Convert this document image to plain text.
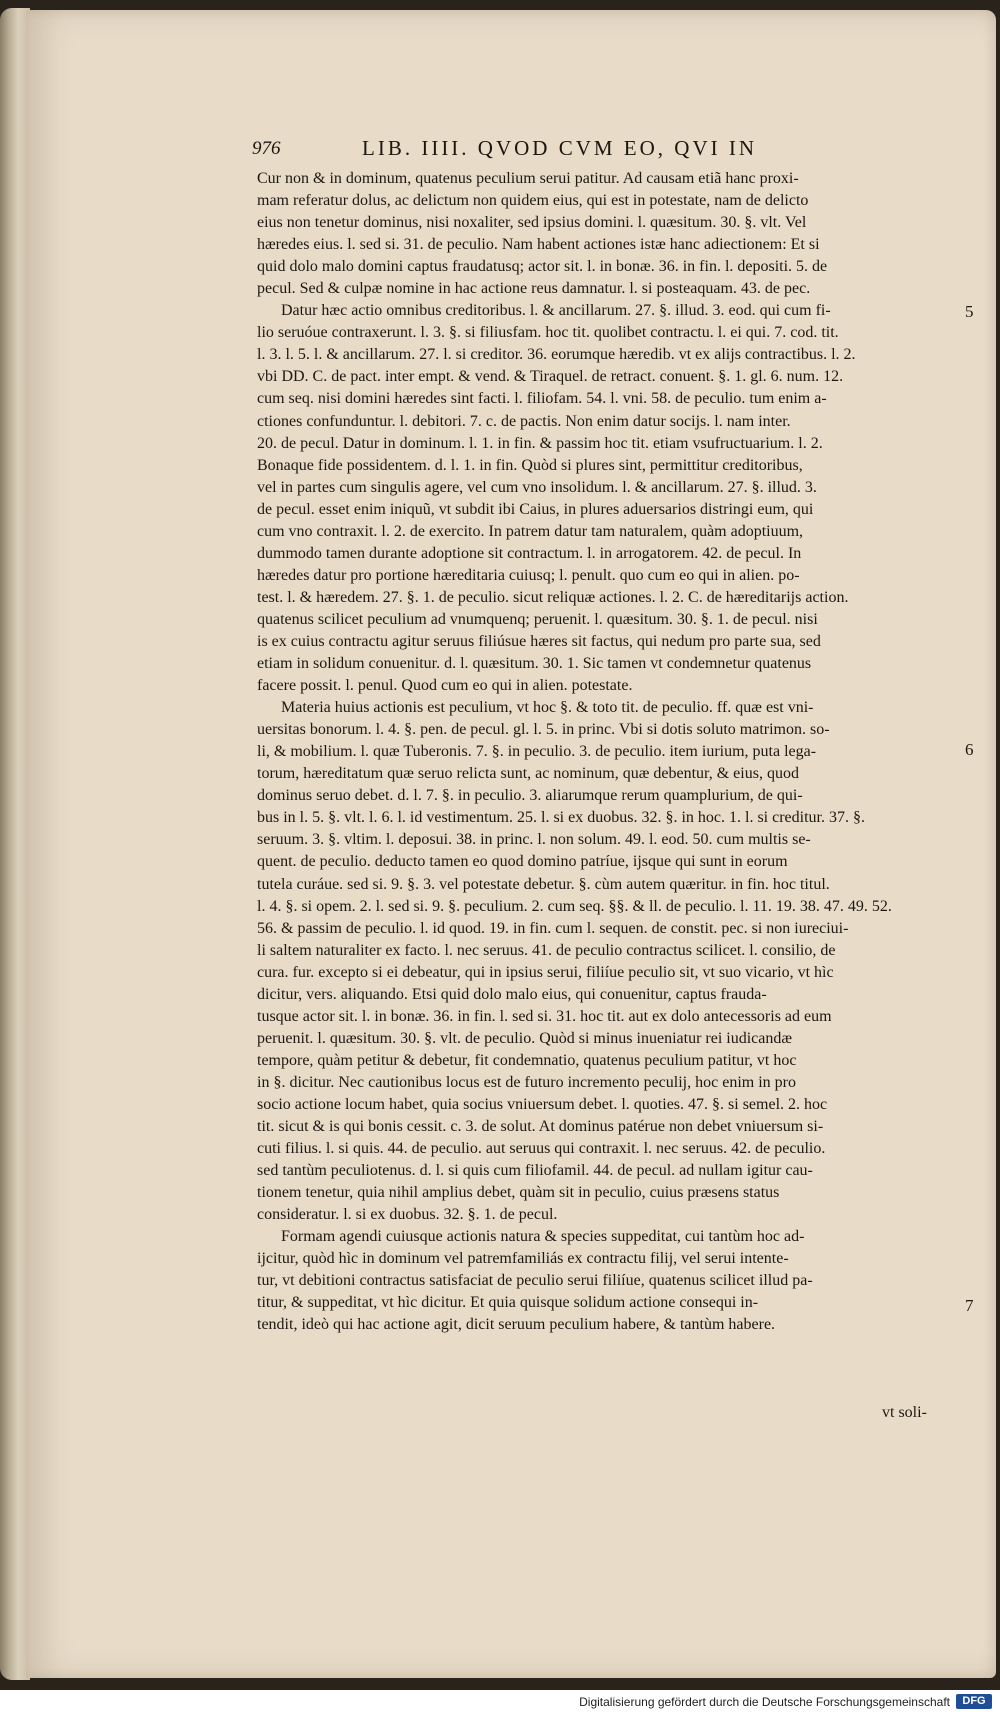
976	LIB. IIII. QVOD CVM EO, QVI IN
Cur non & in dominum, quatenus peculium serui patitur. Ad causam etiã hanc proxi-
mam referatur dolus, ac delictum non quidem eius, qui est in potestate, nam de delicto
eius non tenetur dominus, nisi noxaliter, sed ipsius domini. l. quæsitum. 30. §. vlt. Vel
hæredes eius. l. sed si. 31. de peculio. Nam habent actiones istæ hanc adiectionem: Et si
quid dolo malo domini captus fraudatusq; actor sit. l. in bonæ. 36. in fin. l. depositi. 5. de
pecul. Sed & culpæ nomine in hac actione reus damnatur. l. si posteaquam. 43. de pec.
Datur hæc actio omnibus creditoribus. l. & ancillarum. 27. §. illud. 3. eod. qui cum fi-
lio seruóue contraxerunt. l. 3. §. si filiusfam. hoc tit. quolibet contractu. l. ei qui. 7. cod. tit.
l. 3. l. 5. l. & ancillarum. 27. l. si creditor. 36. eorumque hæredib. vt ex alijs contractibus. l. 2.
vbi DD. C. de pact. inter empt. & vend. & Tiraquel. de retract. conuent. §. 1. gl. 6. num. 12.
cum seq. nisi domini hæredes sint facti. l. filiofam. 54. l. vni. 58. de peculio. tum enim a-
ctiones confunduntur. l. debitori. 7. c. de pactis. Non enim datur socijs. l. nam inter.
20. de pecul. Datur in dominum. l. 1. in fin. & passim hoc tit. etiam vsufructuarium. l. 2.
Bonaque fide possidentem. d. l. 1. in fin. Quòd si plures sint, permittitur creditoribus,
vel in partes cum singulis agere, vel cum vno insolidum. l. & ancillarum. 27. §. illud. 3.
de pecul. esset enim iniquũ, vt subdit ibi Caius, in plures aduersarios distringi eum, qui
cum vno contraxit. l. 2. de exercito. In patrem datur tam naturalem, quàm adoptiuum,
dummodo tamen durante adoptione sit contractum. l. in arrogatorem. 42. de pecul. In
hæredes datur pro portione hæreditaria cuiusq; l. penult. quo cum eo qui in alien. po-
test. l. & hæredem. 27. §. 1. de peculio. sicut reliquæ actiones. l. 2. C. de hæreditarijs action.
quatenus scilicet peculium ad vnumquenq; peruenit. l. quæsitum. 30. §. 1. de pecul. nisi
is ex cuius contractu agitur seruus filiúsue hæres sit factus, qui nedum pro parte sua, sed
etiam in solidum conuenitur. d. l. quæsitum. 30. 1. Sic tamen vt condemnetur quatenus
facere possit. l. penul. Quod cum eo qui in alien. potestate.
Materia huius actionis est peculium, vt hoc §. & toto tit. de peculio. ff. quæ est vni-
uersitas bonorum. l. 4. §. pen. de pecul. gl. l. 5. in princ. Vbi si dotis soluto matrimon. so-
li, & mobilium. l. quæ Tuberonis. 7. §. in peculio. 3. de peculio. item iurium, puta lega-
torum, hæreditatum quæ seruo relicta sunt, ac nominum, quæ debentur, & eius, quod
dominus seruo debet. d. l. 7. §. in peculio. 3. aliarumque rerum quamplurium, de qui-
bus in l. 5. §. vlt. l. 6. l. id vestimentum. 25. l. si ex duobus. 32. §. in hoc. 1. l. si creditur. 37. §.
seruum. 3. §. vltim. l. deposui. 38. in princ. l. non solum. 49. l. eod. 50. cum multis se-
quent. de peculio. deducto tamen eo quod domino patríue, ijsque qui sunt in eorum
tutela curáue. sed si. 9. §. 3. vel potestate debetur. §. cùm autem quæritur. in fin. hoc titul.
l. 4. §. si opem. 2. l. sed si. 9. §. peculium. 2. cum seq. §§. & ll. de peculio. l. 11. 19. 38. 47. 49. 52.
56. & passim de peculio. l. id quod. 19. in fin. cum l. sequen. de constit. pec. si non iureciui-
li saltem naturaliter ex facto. l. nec seruus. 41. de peculio contractus scilicet. l. consilio, de
cura. fur. excepto si ei debeatur, qui in ipsius serui, filiíue peculio sit, vt suo vicario, vt hìc
dicitur, vers. aliquando. Etsi quid dolo malo eius, qui conuenitur, captus frauda-
tusque actor sit. l. in bonæ. 36. in fin. l. sed si. 31. hoc tit. aut ex dolo antecessoris ad eum
peruenit. l. quæsitum. 30. §. vlt. de peculio. Quòd si minus inueniatur rei iudicandæ
tempore, quàm petitur & debetur, fit condemnatio, quatenus peculium patitur, vt hoc
in §. dicitur. Nec cautionibus locus est de futuro incremento peculij, hoc enim in pro
socio actione locum habet, quia socius vniuersum debet. l. quoties. 47. §. si semel. 2. hoc
tit. sicut & is qui bonis cessit. c. 3. de solut. At dominus patérue non debet vniuersum si-
cuti filius. l. si quis. 44. de peculio. aut seruus qui contraxit. l. nec seruus. 42. de peculio.
sed tantùm peculiotenus. d. l. si quis cum filiofamil. 44. de pecul. ad nullam igitur cau-
tionem tenetur, quia nihil amplius debet, quàm sit in peculio, cuius præsens status
consideratur. l. si ex duobus. 32. §. 1. de pecul.
Formam agendi cuiusque actionis natura & species suppeditat, cui tantùm hoc ad-
ijcitur, quòd hìc in dominum vel patremfamiliás ex contractu filij, vel serui intente-
tur, vt debitioni contractus satisfaciat de peculio serui filiíue, quatenus scilicet illud pa-
titur, & suppeditat, vt hìc dicitur. Et quia quisque solidum actione consequi in-
tendit, ideò qui hac actione agit, dicit seruum peculium habere, & tantùm habere.
5
6
7
vt soli-
Digitalisierung gefördert durch die Deutsche Forschungsgemeinschaft	DFG
